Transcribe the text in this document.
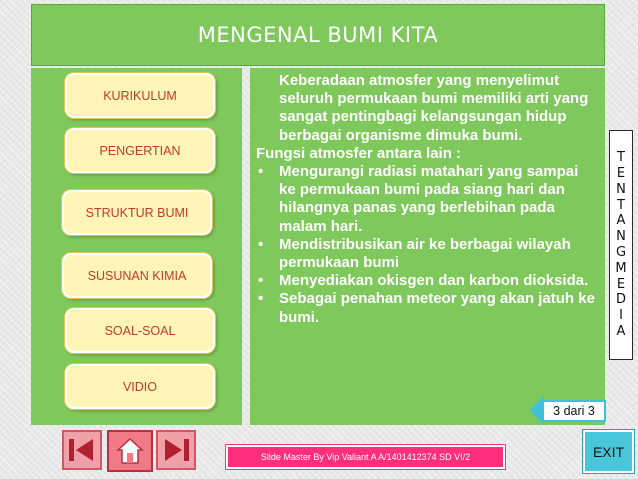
MENGENAL BUMI KITA
KURIKULUM
PENGERTIAN
STRUKTUR BUMI
SUSUNAN KIMIA
SOAL-SOAL
VIDIO
Keberadaan atmosfer yang menyelimut seluruh permukaan bumi memiliki arti yang sangat pentingbagi kelangsungan hidup berbagai organisme dimuka bumi.
Fungsi atmosfer antara lain :
• Mengurangi radiasi matahari yang sampai ke permukaan bumi pada siang hari dan hilangnya panas yang berlebihan pada malam hari.
• Mendistribusikan air ke berbagai wilayah permukaan bumi
• Menyediakan okisgen dan karbon dioksida.
• Sebagai penahan meteor yang akan jatuh ke bumi.
T
E
N
T
A
N
G
M
E
D
I
A
3 dari 3
Slide Master By Vip Valiant A A/1401412374 SD VI/2	EXIT
